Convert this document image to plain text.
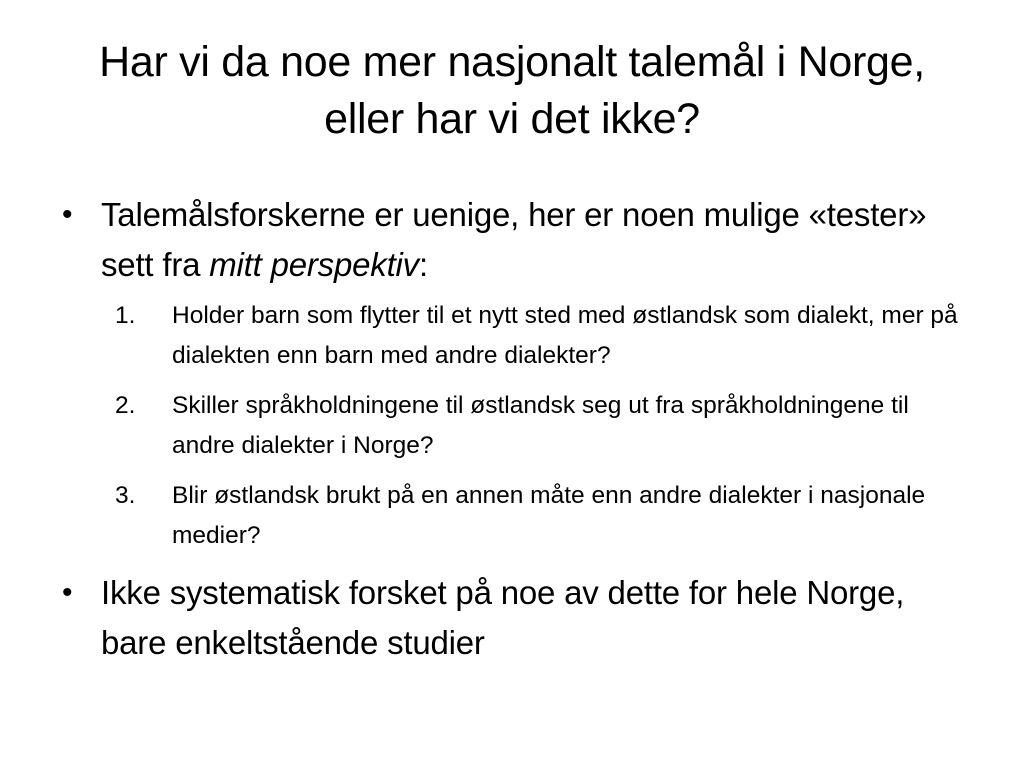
Har vi da noe mer nasjonalt talemål i Norge, eller har vi det ikke?
• Talemålsforskerne er uenige, her er noen mulige «tester» sett fra mitt perspektiv:
1. Holder barn som flytter til et nytt sted med østlandsk som dialekt, mer på dialekten enn barn med andre dialekter?
2. Skiller språkholdningene til østlandsk seg ut fra språkholdningene til andre dialekter i Norge?
3. Blir østlandsk brukt på en annen måte enn andre dialekter i nasjonale medier?
• Ikke systematisk forsket på noe av dette for hele Norge, bare enkeltstående studier
